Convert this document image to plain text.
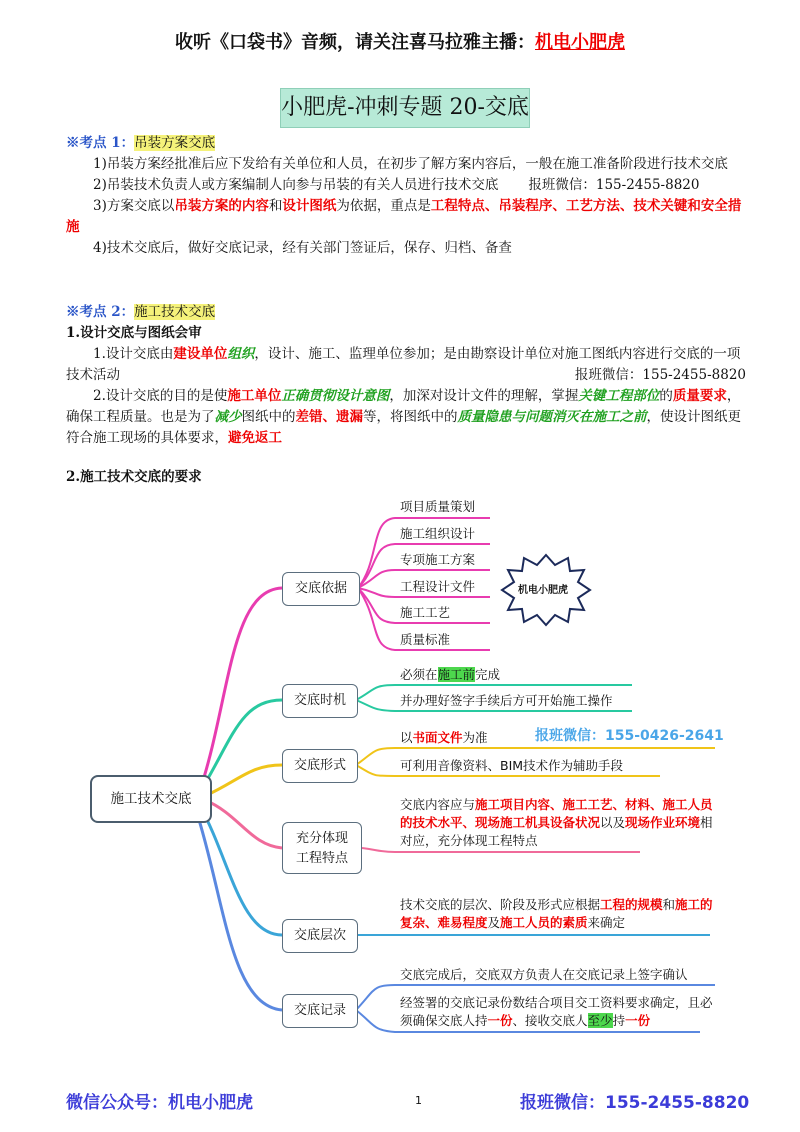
收听《口袋书》音频，请关注喜马拉雅主播：机电小肥虎
小肥虎-冲刺专题 20-交底
※考点 1：吊装方案交底

1)吊装方案经批准后应下发给有关单位和人员，在初步了解方案内容后，一般在施工准备阶段进行技术交底

2)吊装技术负责人或方案编制人向参与吊装的有关人员进行技术交底 报班微信：155-2455-8820

3)方案交底以吊装方案的内容和设计图纸为依据，重点是工程特点、吊装程序、工艺方法、技术关键和安全措施

4)技术交底后，做好交底记录，经有关部门签证后，保存、归档、备查

※考点 2：施工技术交底
1.设计交底与图纸会审

1.设计交底由建设单位组织，设计、施工、监理单位参加；是由勘察设计单位对施工图纸内容进行交底的一项技术活动	报班微信：155-2455-8820

2.设计交底的目的是使施工单位正确贯彻设计意图，加深对设计文件的理解，掌握关键工程部位的质量要求，确保工程质量。也是为了减少图纸中的差错、遗漏等，将图纸中的质量隐患与问题消灭在施工之前，使设计图纸更符合施工现场的具体要求，避免返工

2.施工技术交底的要求
施工技术交底
交底依据
交底时机
交底形式
充分体现
工程特点
交底层次
交底记录
项目质量策划
施工组织设计
专项施工方案
工程设计文件
施工工艺
质量标准
机电小肥虎
必须在施工前完成
并办理好签字手续后方可开始施工操作
以书面文件为准	报班微信：155-0426-2641
可利用音像资料、BIM技术作为辅助手段
交底内容应与施工项目内容、施工工艺、材料、施工人员的技术水平、现场施工机具设备状况以及现场作业环境相对应，充分体现工程特点
技术交底的层次、阶段及形式应根据工程的规模和施工的复杂、难易程度及施工人员的素质来确定
交底完成后，交底双方负责人在交底记录上签字确认
经签署的交底记录份数结合项目交工资料要求确定，且必须确保交底人持一份、接收交底人至少持一份
微信公众号：机电小肥虎	1	报班微信：155-2455-8820
